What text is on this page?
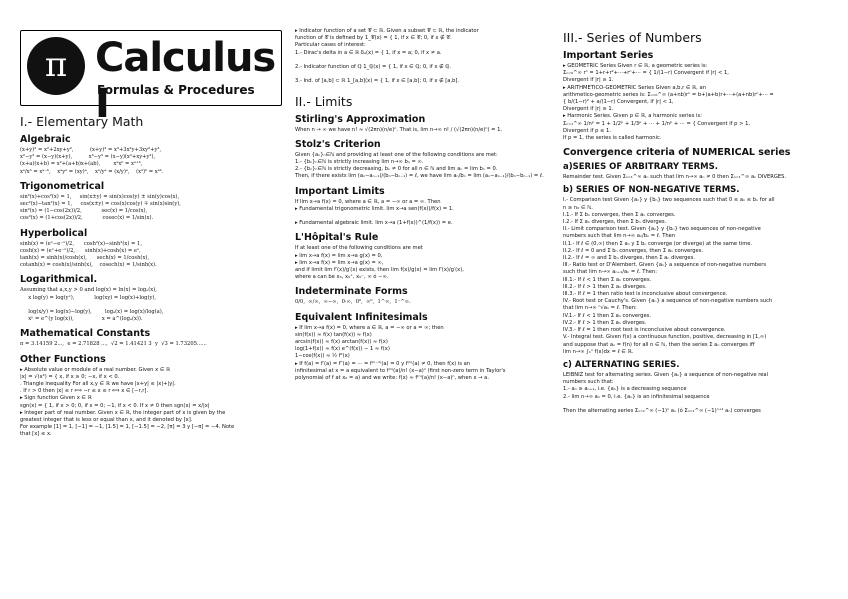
π Calculus I
Formulas & Procedures
I.- Elementary Math
Algebraic

(x+y)² = x²+2xy+y²,          (x+y)³ = x³+3x²y+3xy²+y³,

x²−y² = (x−y)(x+y),          x³−y³ = (x−y)(x²+xy+y²),

(x+a)(x+b) = x²+(a+b)x+(ab),        xᵃxᵇ = xᵃ⁺ᵇ,

xᵃ/xᵇ = xᵃ⁻ᵇ,    xᵃyᵃ = (xy)ᵃ,    xᵃ/yᵃ = (x/y)ᵃ,    (xᵃ)ᵇ = xᵃᵇ.

Trigonometrical

sin²(x)+cos²(x) = 1,     sin(x±y) = sin(x)cos(y) ± sin(y)cos(x),

sec²(x)−tan²(x) = 1,     cos(x±y) = cos(x)cos(y) ∓ sin(x)sin(y),

sin²(x) = (1−cos(2x))/2,            sec(x) = 1/cos(x),

cos²(x) = (1+cos(2x))/2,            cosec(x) = 1/sin(x).

Hyperbolical

sinh(x) = (eˣ−e⁻ˣ)/2,      cosh²(x)−sinh²(x) = 1,

cosh(x) = (eˣ+e⁻ˣ)/2,      sinh(x)+cosh(x) = eˣ,

tanh(x) = sinh(x)/cosh(x),      sech(x) = 1/cosh(x),

cotanh(x) = cosh(x)/sinh(x),    cosech(x) = 1/sinh(x).

Logarithmical.

Assuming that a,x,y > 0 and log(x) = ln(x) = logₑ(x),

x log(y) = log(yˣ),            log(xy) = log(x)+log(y),

log(x/y) = log(x)−log(y),        logₐ(x) = log(x)/log(a),

xʸ = e^(y log(x)),                 x = a^(logₐ(x)).

Mathematical Constants

π = 3.14159 2...,  e = 2.71828 ...,  √2 = 1.41421 3  y  √3 = 1.73205......

Other Functions

▸ Absolute value or module of a real number. Given x ∈ ℝ

|x| = √(x²) = { x, if x ≥ 0; −x, if x < 0.

. Triangle inequality For all x,y ∈ ℝ we have |x+y| ≤ |x|+|y|.

. If r > 0 then |x| ≤ r ⟺ −r ≤ x ≤ r ⟺ x ∈ [−r,r].

▸ Sign function Given x ∈ ℝ

sgn(x) = { 1, if x > 0; 0, if x = 0; −1, if x < 0. If x ≠ 0 then sgn(x) = x/|x|

▸ Integer part of real number. Given x ∈ ℝ, the integer part of x is given by the

greatest integer that is less or equal than x, and it denoted by [x].

For example [1] = 1, [−1] = −1, [1.5] = 1, [−1.5] = −2, [π] = 3 y [−π] = −4. Note

that [x] ≤ x.

▸ Indicator function of a set 𝒞 ⊂ ℝ. Given a subset 𝒞 ⊂ ℝ, the indicator

function of 𝒞 is defined by 1_𝒞(x) = { 1, if x ∈ 𝒞; 0, if x ∉ 𝒞.

Particular cases of interest:

1.- Dirac's delta in a ∈ ℝ δₐ(x) = { 1, if x = a; 0, if x ≠ a.

2.- Indicator function of ℚ 1_ℚ(x) = { 1, if x ∈ ℚ; 0, if x ∉ ℚ.

3.- Ind. of [a,b] ⊂ ℝ 1_[a,b](x) = { 1, if x ∈ [a,b]; 0, if x ∉ [a,b].

II.- Limits
Stirling's Approximation

When n → ∞ we have n! ≈ √(2πn)(n/e)ⁿ. That is, lim n→∞ n! / (√(2πn)(n/e)ⁿ) = 1.

Stolz's Criterion

Given {aₙ}ₙ∈ℕ and providing at least one of the following conditions are met:

1.- {bₙ}ₙ∈ℕ is strictly increasing lim n→∞ bₙ = ∞.

2.- {bₙ}ₙ∈ℕ is strictly decreasing, bₙ ≠ 0 for all n ∈ ℕ and lim aₙ = lim bₙ = 0.

Then, if there exists lim (aₙ−aₙ₋₁)/(bₙ−bₙ₋₁) = ℓ, we have lim aₙ/bₙ = lim (aₙ−aₙ₋₁)/(bₙ−bₙ₋₁) = ℓ.

Important Limits

If lim x→a f(x) = 0, where a ∈ ℝ, a = −∞ or a = ∞. Then

▸ Fundamental trigonometric limit. lim x→a sen(f(x))/f(x) = 1.

▸ Fundamental algebraic limit. lim x→a (1+f(x))^(1/f(x)) = e.

L'Hôpital's Rule

If at least one of the following conditions are met

▸ lim x→a f(x) = lim x→a g(x) = 0,

▸ lim x→a f(x) = lim x→a g(x) = ∞,

and if limit lim f′(x)/g′(x) exists, then lim f(x)/g(x) = lim f′(x)/g′(x),

where a can be x₀, x₀⁺, x₀⁻, ∞ ó −∞.

Indeterminate Forms

0/0,  ∞/∞,  ∞−∞,  0·∞,  0⁰,  ∞⁰,  1^∞,  1⁻^∞.

Equivalent Infinitesimals

▸ If lim x→a f(x) = 0, where a ∈ ℝ, a = −∞ or a = ∞; then

sin(f(x)) ≈ f(x) tan(f(x)) ≈ f(x)

arcsin(f(x)) ≈ f(x) arctan(f(x)) ≈ f(x)

log(1+f(x)) ≈ f(x) e^(f(x)) − 1 ≈ f(x)

1−cos(f(x)) ≈ ½ f²(x)

▸ If f(a) = f′(a) = f″(a) = ··· = f⁽ⁿ⁻¹⁾(a) = 0 y f⁽ⁿ⁾(a) ≠ 0, then f(x) is an

infinitesimal at x = a equivalent to f⁽ⁿ⁾(a)/n! (x−a)ⁿ (first non-zero term in Taylor's

polynomial of f at x₀ = a) and we write: f(x) ≈ f⁽ⁿ⁾(a)/n! (x−a)ⁿ, when x → a.

III.- Series of Numbers
Important Series

▸ GEOMETRIC Series Given r ∈ ℝ, a geometric series is:

Σₙ₌₀^∞ rⁿ = 1+r+r²+···+rⁿ+··· = { 1/(1−r) Convergent if |r| < 1,

Divergent if |r| ≥ 1.

▸ ARITHMETICO-GEOMETRIC Series Given a,b,r ∈ ℝ, an

arithmetico-geometric series is: Σₙ₌₀^∞ (a+nb)rⁿ = b+(a+b)r+···+(a+nb)rⁿ+··· =

{ b/(1−r)² + a/(1−r) Convergent, if |r| < 1,

Divergent if |r| ≥ 1.

▸ Harmonic Series. Given p ∈ ℝ, a harmonic series is:

Σₙ₌₁^∞ 1/nᵖ = 1 + 1/2ᵖ + 1/3ᵖ + ··· + 1/nᵖ + ··· = { Convergent if p > 1,

Divergent if p ≤ 1.

If p = 1, the series is called harmonic.

Convergence criteria of NUMERICAL series
a)SERIES OF ARBITRARY TERMS.

Remainder test. Given Σₙ₌₁^∞ aₙ such that lim n→∞ aₙ ≠ 0 then Σₙ₌₁^∞ aₙ DIVERGES.

b) SERIES OF NON-NEGATIVE TERMS.

I.- Comparison test Given {aₙ} y {bₙ} two sequences such that 0 ≤ aₙ ≤ bₙ for all

n ≥ n₀ ∈ ℕ.

I.1.- If Σ bₙ converges, then Σ aₙ converges.

I.2.- If Σ aₙ diverges, then Σ bₙ diverges.

II.- Limit comparison test. Given {aₙ} y {bₙ} two sequences of non-negative

numbers such that lim n→∞ aₙ/bₙ = ℓ. Then

II.1.- If ℓ ∈ (0,∞) then Σ aₙ y Σ bₙ converge (or diverge) at the same time.

II.2.- If ℓ = 0 and Σ bₙ converges, then Σ aₙ converges.

II.2.- If ℓ = ∞ and Σ bₙ diverges, then Σ aₙ diverges.

III.- Ratio test or D'Alembert. Given {aₙ} a sequence of non-negative numbers

such that lim n→∞ aₙ₊₁/aₙ = ℓ. Then:

III.1.- If ℓ < 1 then Σ aₙ converges.

III.2.- If ℓ > 1 then Σ aₙ diverges.

III.3.- If ℓ = 1 then ratio test is inconclusive about convergence.

IV.- Root test or Cauchy's. Given {aₙ} a sequence of non-negative numbers such

that lim n→∞ ⁿ√aₙ = ℓ. Then:

IV.1.- If ℓ < 1 then Σ aₙ converges.

IV.2.- If ℓ > 1 then Σ aₙ diverges.

IV.3.- If ℓ = 1 then root test is inconclusive about convergence.

V.- Integral test. Given f(x) a continuous function, positive, decreasing in [1,∞)

and suppose that aₙ = f(n) for all n ∈ ℕ, then the series Σ aₙ converges iff

lim n→∞ ∫₁ⁿ f(x)dx = ℓ ∈ ℝ.

c) ALTERNATING SERIES.

LEIBNIZ test for alternating series. Given {aₙ} a sequence of non-negative real

numbers such that:

1.- aₙ ≥ aₙ₊₁, i.e. {aₙ} is a decreasing sequence

2.- lim n→∞ aₙ = 0, i.e. {aₙ} is an infinitesimal sequence

Then the alternating series Σₙ₌₁^∞ (−1)ⁿ aₙ (ó Σₙ₌₁^∞ (−1)ⁿ⁺¹ aₙ) converges
